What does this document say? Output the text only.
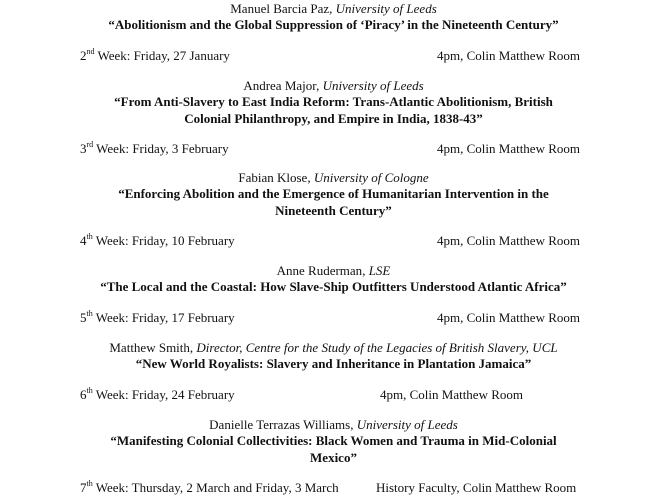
Manuel Barcia Paz, University of Leeds
“Abolitionism and the Global Suppression of ‘Piracy’ in the Nineteenth Century”
2nd Week: Friday, 27 January	4pm, Colin Matthew Room
Andrea Major, University of Leeds
“From Anti-Slavery to East India Reform: Trans-Atlantic Abolitionism, British
Colonial Philanthropy, and Empire in India, 1838-43”
3rd Week: Friday, 3 February	4pm, Colin Matthew Room
Fabian Klose, University of Cologne
“Enforcing Abolition and the Emergence of Humanitarian Intervention in the
Nineteenth Century”
4th Week: Friday, 10 February	4pm, Colin Matthew Room
Anne Ruderman, LSE
“The Local and the Coastal: How Slave-Ship Outfitters Understood Atlantic Africa”
5th Week: Friday, 17 February	4pm, Colin Matthew Room
Matthew Smith, Director, Centre for the Study of the Legacies of British Slavery, UCL
“New World Royalists: Slavery and Inheritance in Plantation Jamaica”
6th Week: Friday, 24 February	4pm, Colin Matthew Room
Danielle Terrazas Williams, University of Leeds
“Manifesting Colonial Collectivities: Black Women and Trauma in Mid-Colonial
Mexico”
7th Week: Thursday, 2 March and Friday, 3 March	History Faculty, Colin Matthew Room
